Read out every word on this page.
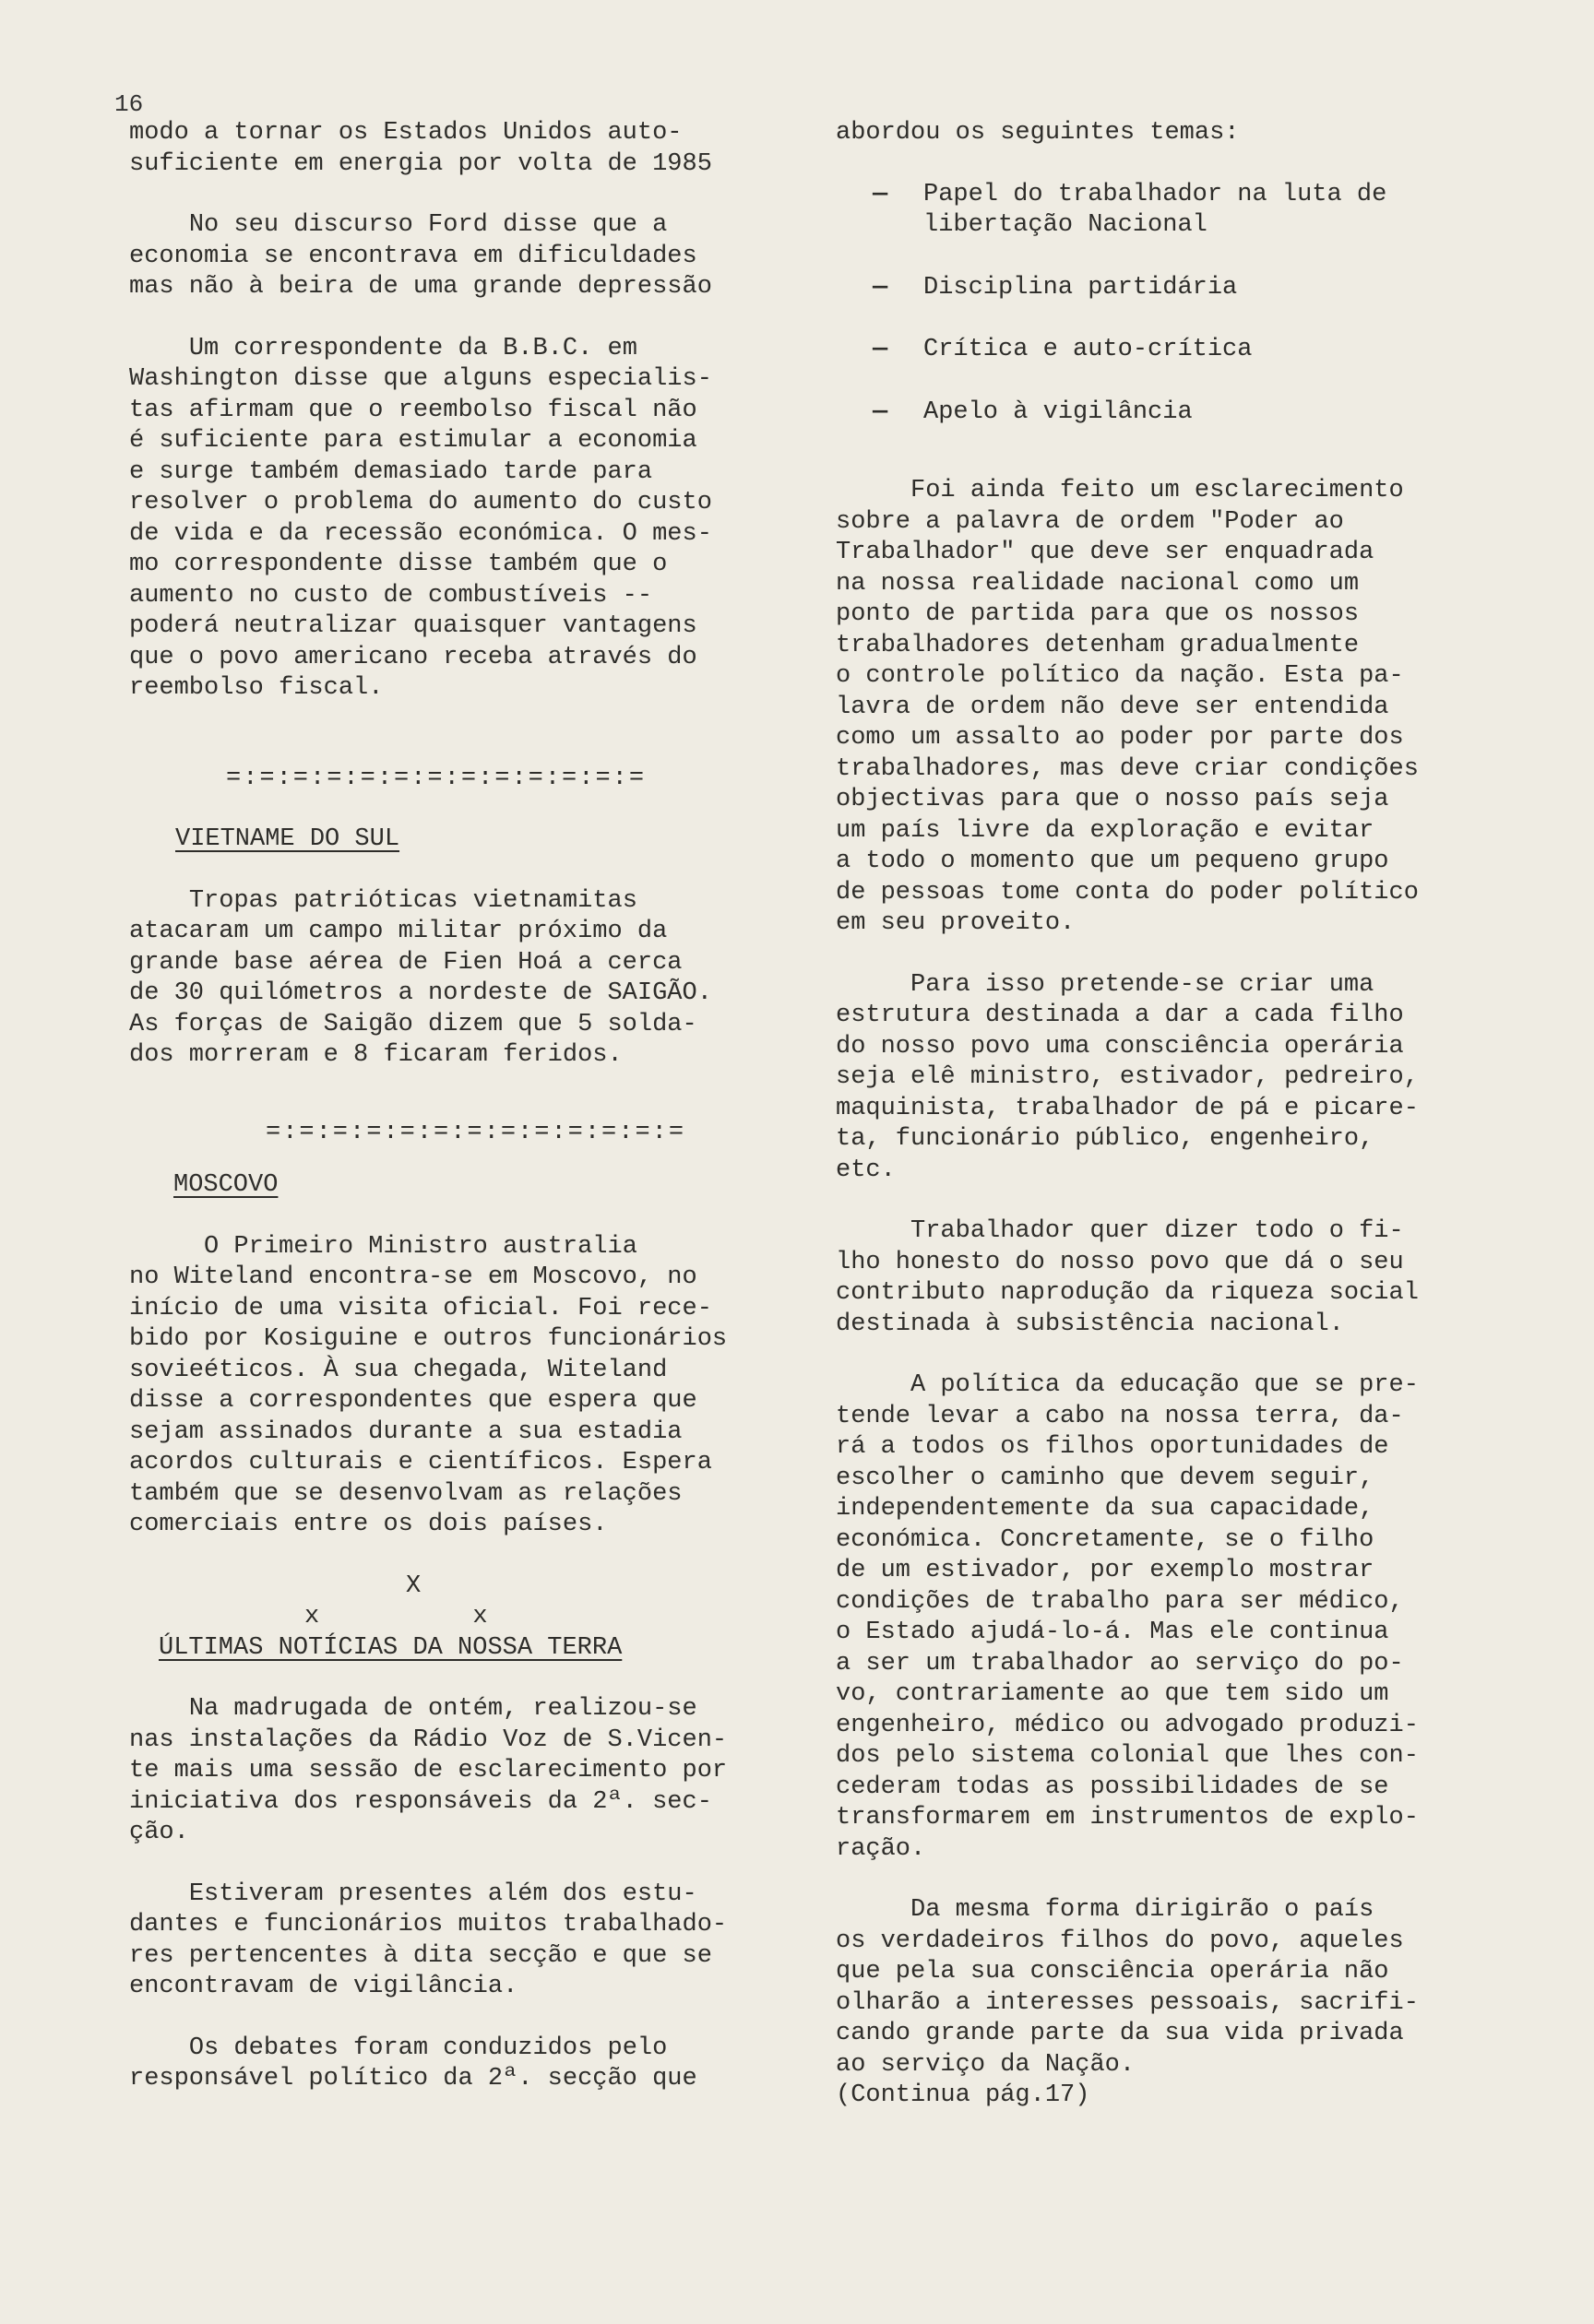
16

modo a tornar os Estados Unidos auto-
suficiente em energia por volta de 1985

No seu discurso Ford disse que a
economia se encontrava em dificuldades
mas não à beira de uma grande depressão

Um correspondente da B.B.C. em
Washington disse que alguns especialis-
tas afirmam que o reembolso fiscal não
é suficiente para estimular a economia
e surge também demasiado tarde para
resolver o problema do aumento do custo
de vida e da recessão económica. O mes-
mo correspondente disse também que o
aumento no custo de combustíveis --
poderá neutralizar quaisquer vantagens
que o povo americano receba através do
reembolso fiscal.

=:=:=:=:=:=:=:=:=:=:=:=:=

VIETNAME DO SUL

Tropas patrióticas vietnamitas
atacaram um campo militar próximo da
grande base aérea de Fien Hoá a cerca
de 30 quilómetros a nordeste de SAIGÃO.
As forças de Saigão dizem que 5 solda-
dos morreram e 8 ficaram feridos.

=:=:=:=:=:=:=:=:=:=:=:=:=

MOSCOVO

O Primeiro Ministro australia
no Witeland encontra-se em Moscovo, no
início de uma visita oficial. Foi rece-
bido por Kosiguine e outros funcionários
sovieéticos. À sua chegada, Witeland
disse a correspondentes que espera que
sejam assinados durante a sua estadia
acordos culturais e científicos. Espera
também que se desenvolvam as relações
comerciais entre os dois países.

X

x x

ÚLTIMAS NOTÍCIAS DA NOSSA TERRA

Na madrugada de ontém, realizou-se
nas instalações da Rádio Voz de S.Vicen-
te mais uma sessão de esclarecimento por
iniciativa dos responsáveis da 2ª. sec-
ção.

Estiveram presentes além dos estu-
dantes e funcionários muitos trabalhado-
res pertencentes à dita secção e que se
encontravam de vigilância.

Os debates foram conduzidos pelo
responsável político da 2ª. secção que

abordou os seguintes temas:

—	Papel do trabalhador na luta de
libertação Nacional
—	Disciplina partidária
—	Crítica e auto-crítica
—	Apelo à vigilância

Foi ainda feito um esclarecimento
sobre a palavra de ordem "Poder ao
Trabalhador" que deve ser enquadrada
na nossa realidade nacional como um
ponto de partida para que os nossos
trabalhadores detenham gradualmente
o controle político da nação. Esta pa-
lavra de ordem não deve ser entendida
como um assalto ao poder por parte dos
trabalhadores, mas deve criar condições
objectivas para que o nosso país seja
um país livre da exploração e evitar
a todo o momento que um pequeno grupo
de pessoas tome conta do poder político
em seu proveito.

Para isso pretende-se criar uma
estrutura destinada a dar a cada filho
do nosso povo uma consciência operária
seja elê ministro, estivador, pedreiro,
maquinista, trabalhador de pá e picare-
ta, funcionário público, engenheiro,
etc.

Trabalhador quer dizer todo o fi-
lho honesto do nosso povo que dá o seu
contributo naprodução da riqueza social
destinada à subsistência nacional.

A política da educação que se pre-
tende levar a cabo na nossa terra, da-
rá a todos os filhos oportunidades de
escolher o caminho que devem seguir,
independentemente da sua capacidade,
económica. Concretamente, se o filho
de um estivador, por exemplo mostrar
condições de trabalho para ser médico,
o Estado ajudá-lo-á. Mas ele continua
a ser um trabalhador ao serviço do po-
vo, contrariamente ao que tem sido um
engenheiro, médico ou advogado produzi-
dos pelo sistema colonial que lhes con-
cederam todas as possibilidades de se
transformarem em instrumentos de explo-
ração.

Da mesma forma dirigirão o país
os verdadeiros filhos do povo, aqueles
que pela sua consciência operária não
olharão a interesses pessoais, sacrifi-
cando grande parte da sua vida privada
ao serviço da Nação.

(Continua pág.17)
